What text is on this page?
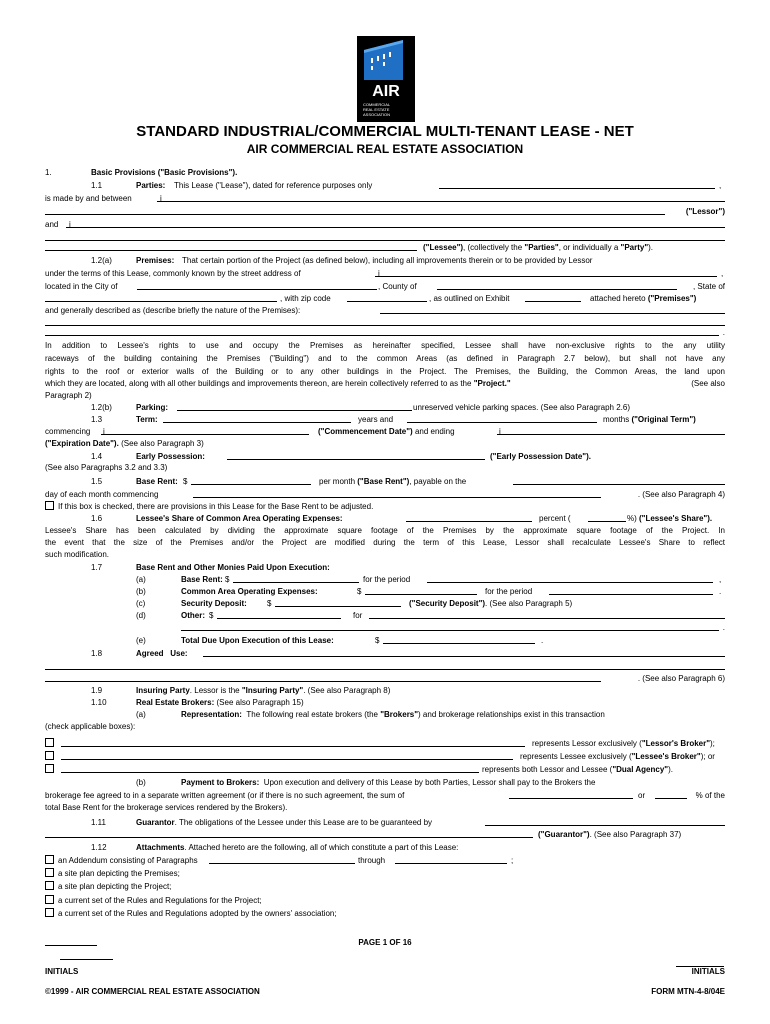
AIR
COMMERCIAL
REAL ESTATE
ASSOCIATION
STANDARD INDUSTRIAL/COMMERCIAL MULTI-TENANT LEASE - NET
AIR COMMERCIAL REAL ESTATE ASSOCIATION
1.	Basic Provisions ("Basic Provisions").
1.1	Parties: This Lease ("Lease"), dated for reference purposes only	,
is made by and between	i
("Lessor")
and i
("Lessee"), (collectively the "Parties", or individually a "Party").
1.2(a)	Premises: That certain portion of the Project (as defined below), including all improvements therein or to be provided by Lessor
under the terms of this Lease, commonly known by the street address of	i	,
located in the City of	, County of	, State of
, with zip code	, as outlined on Exhibit	attached hereto ("Premises")
and generally described as (describe briefly the nature of the Premises):
.
In addition to Lessee's rights to use and occupy the Premises as hereinafter specified, Lessee shall have non-exclusive rights to the any utility
raceways of the building containing the Premises ("Building") and to the common Areas (as defined in Paragraph 2.7 below), but shall not have any
rights to the roof or exterior walls of the Building or to any other buildings in the Project. The Premises, the Building, the Common Areas, the land upon
which they are located, along with all other buildings and improvements thereon, are herein collectively referred to as the "Project."	(See also
Paragraph 2)
1.2(b)	Parking:	unreserved vehicle parking spaces. (See also Paragraph 2.6)
1.3	Term:	years and	months ("Original Term")
commencing i	("Commencement Date") and ending	i
("Expiration Date"). (See also Paragraph 3)
1.4	Early Possession:	("Early Possession Date").
(See also Paragraphs 3.2 and 3.3)
1.5	Base Rent: $	per month ("Base Rent"), payable on the
day of each month commencing	. (See also Paragraph 4)
If this box is checked, there are provisions in this Lease for the Base Rent to be adjusted.
1.6	Lessee's Share of Common Area Operating Expenses:	percent (	%) ("Lessee's Share").
Lessee's Share has been calculated by dividing the approximate square footage of the Premises by the approximate square footage of the Project. In
the event that the size of the Premises and/or the Project are modified during the term of this Lease, Lessor shall recalculate Lessee's Share to reflect
such modification.
1.7	Base Rent and Other Monies Paid Upon Execution:
(a)	Base Rent: $	for the period	,
(b)	Common Area Operating Expenses:	$	for the period	.
(c)	Security Deposit:	$	("Security Deposit"). (See also Paragraph 5)
(d)	Other: $	for
.
(e)	Total Due Upon Execution of this Lease:	$	.
1.8	Agreed Use:
. (See also Paragraph 6)
1.9	Insuring Party. Lessor is the "Insuring Party". (See also Paragraph 8)
1.10	Real Estate Brokers: (See also Paragraph 15)
(a)	Representation: The following real estate brokers (the "Brokers") and brokerage relationships exist in this transaction
(check applicable boxes):
represents Lessor exclusively ("Lessor's Broker");
represents Lessee exclusively ("Lessee's Broker"); or
represents both Lessor and Lessee ("Dual Agency").
(b)	Payment to Brokers: Upon execution and delivery of this Lease by both Parties, Lessor shall pay to the Brokers the
brokerage fee agreed to in a separate written agreement (or if there is no such agreement, the sum of	or	% of the
total Base Rent for the brokerage services rendered by the Brokers).
1.11	Guarantor. The obligations of the Lessee under this Lease are to be guaranteed by
("Guarantor"). (See also Paragraph 37)
1.12	Attachments. Attached hereto are the following, all of which constitute a part of this Lease:
an Addendum consisting of Paragraphs	through	;
a site plan depicting the Premises;
a site plan depicting the Project;
a current set of the Rules and Regulations for the Project;
a current set of the Rules and Regulations adopted by the owners' association;
PAGE 1 OF 16
INITIALS	INITIALS
©1999 - AIR COMMERCIAL REAL ESTATE ASSOCIATION	FORM MTN-4-8/04E
